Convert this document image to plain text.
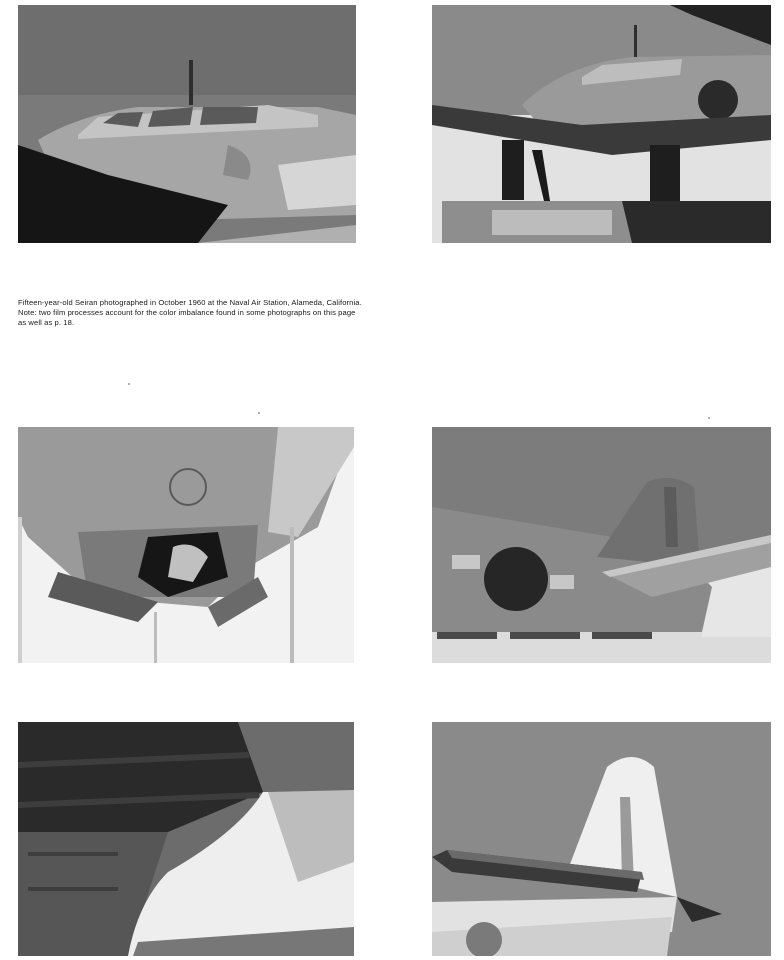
Fifteen-year-old Seiran photographed in October 1960 at the Naval Air Station, Alameda, California. Note: two film processes account for the color imbalance found in some photographs on this page as well as p. 18.
